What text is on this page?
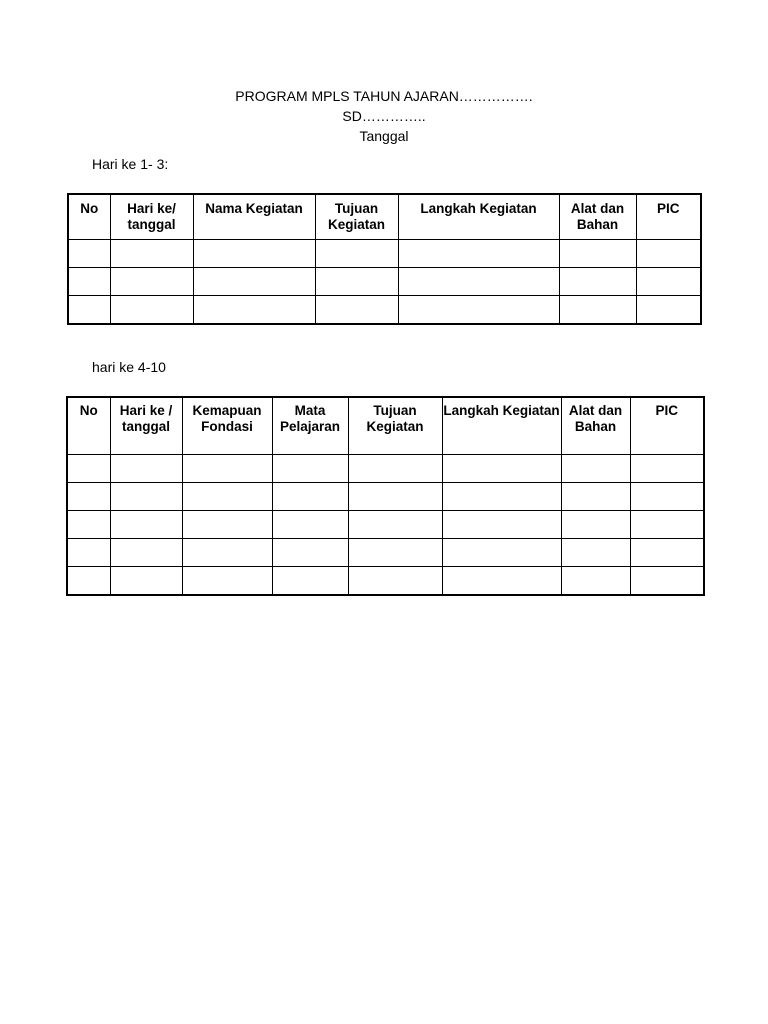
PROGRAM MPLS TAHUN AJARAN…………….
SD…………..
Tanggal
Hari ke 1- 3:
No	Hari ke/ tanggal	Nama Kegiatan	Tujuan Kegiatan	Langkah Kegiatan	Alat dan Bahan	PIC

hari ke 4-10
No	Hari ke / tanggal	Kemapuan Fondasi	Mata Pelajaran	Tujuan Kegiatan	Langkah Kegiatan	Alat dan Bahan	PIC
